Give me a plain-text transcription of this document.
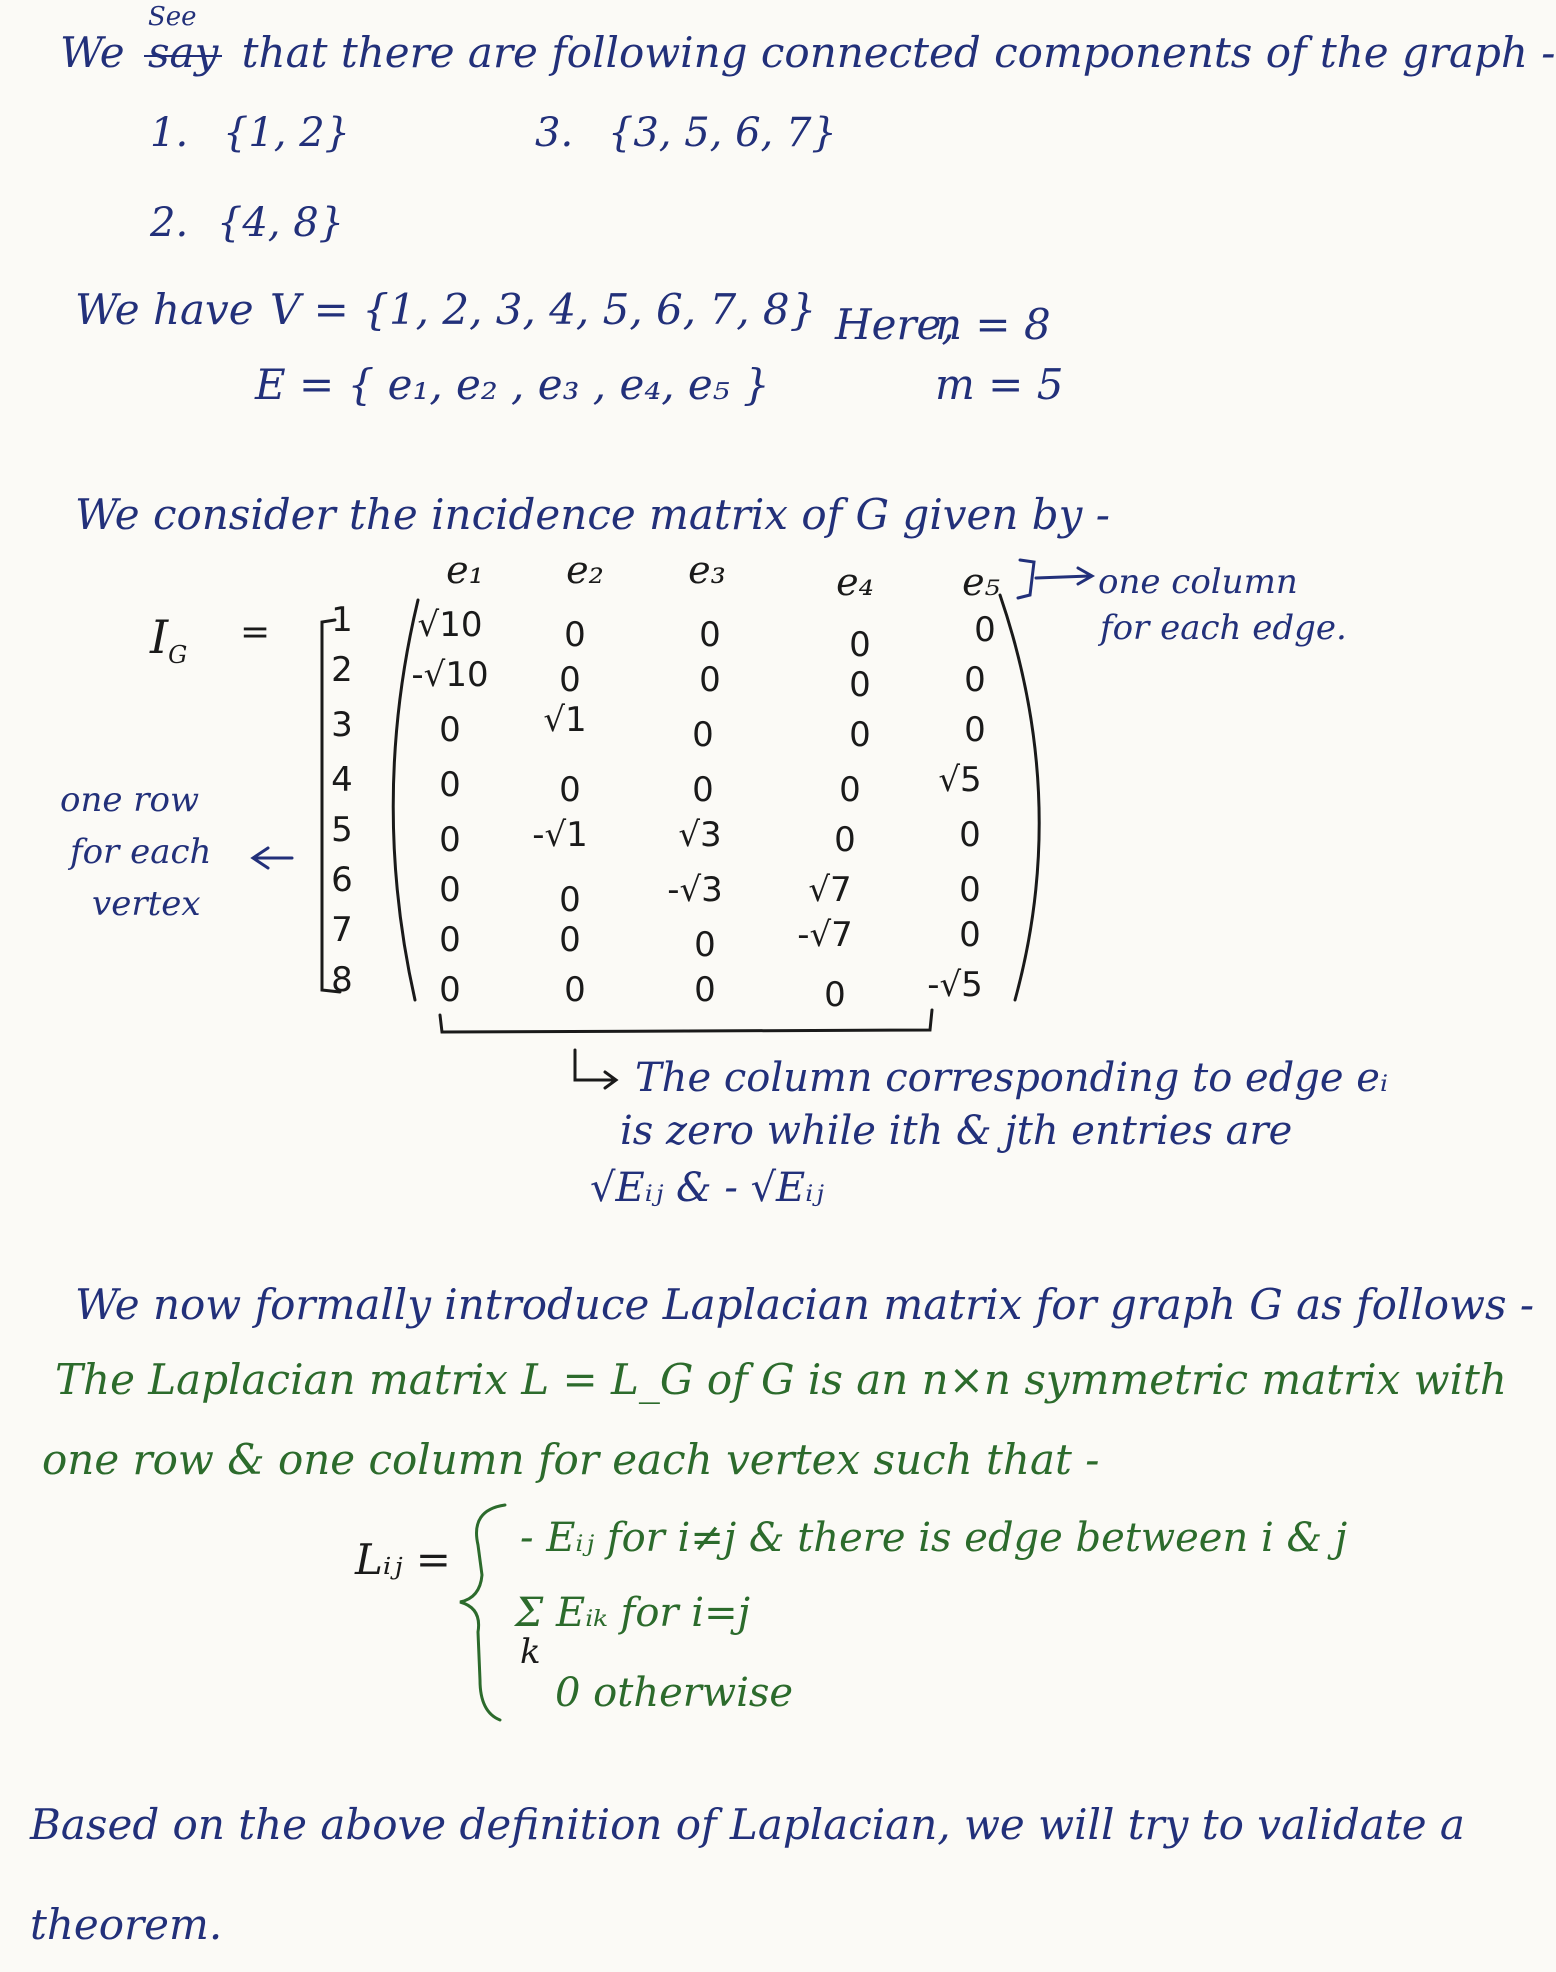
We
See
say that there are following connected components of the graph -
1. {1, 2}	3. {3, 5, 6, 7}
2. {4, 8}
We have V = {1, 2, 3, 4, 5, 6, 7, 8}
E = { e₁, e₂ , e₃ , e₄, e₅ }
Here,
n = 8
m = 5
We consider the incidence matrix of G given by -
$I_G$
=
e₁	e₂	e₃	e₄	e₅
1
2
3
4
5
6
7
8
√10	0	0	0	0
-√10	0	0	0	0
0	√1	0	0	0
0	0	0	0	√5
0	-√1	√3	0	0
0	0	-√3	√7	0
0	0	0	-√7	0
0	0	0	0	-√5
one column
for each edge.
one row
for each
vertex
The column corresponding to edge eᵢ
is zero while ith & jth entries are
√Eᵢⱼ & - √Eᵢⱼ
We now formally introduce Laplacian matrix for graph G as follows -
The Laplacian matrix L = L_G of G is an n×n symmetric matrix with
one row & one column for each vertex such that -
Lᵢⱼ = - Eᵢⱼ for i≠j & there is edge between i & j
Σ Eᵢₖ for i=j
k
0 otherwise
Based on the above definition of Laplacian, we will try to validate a
theorem.
